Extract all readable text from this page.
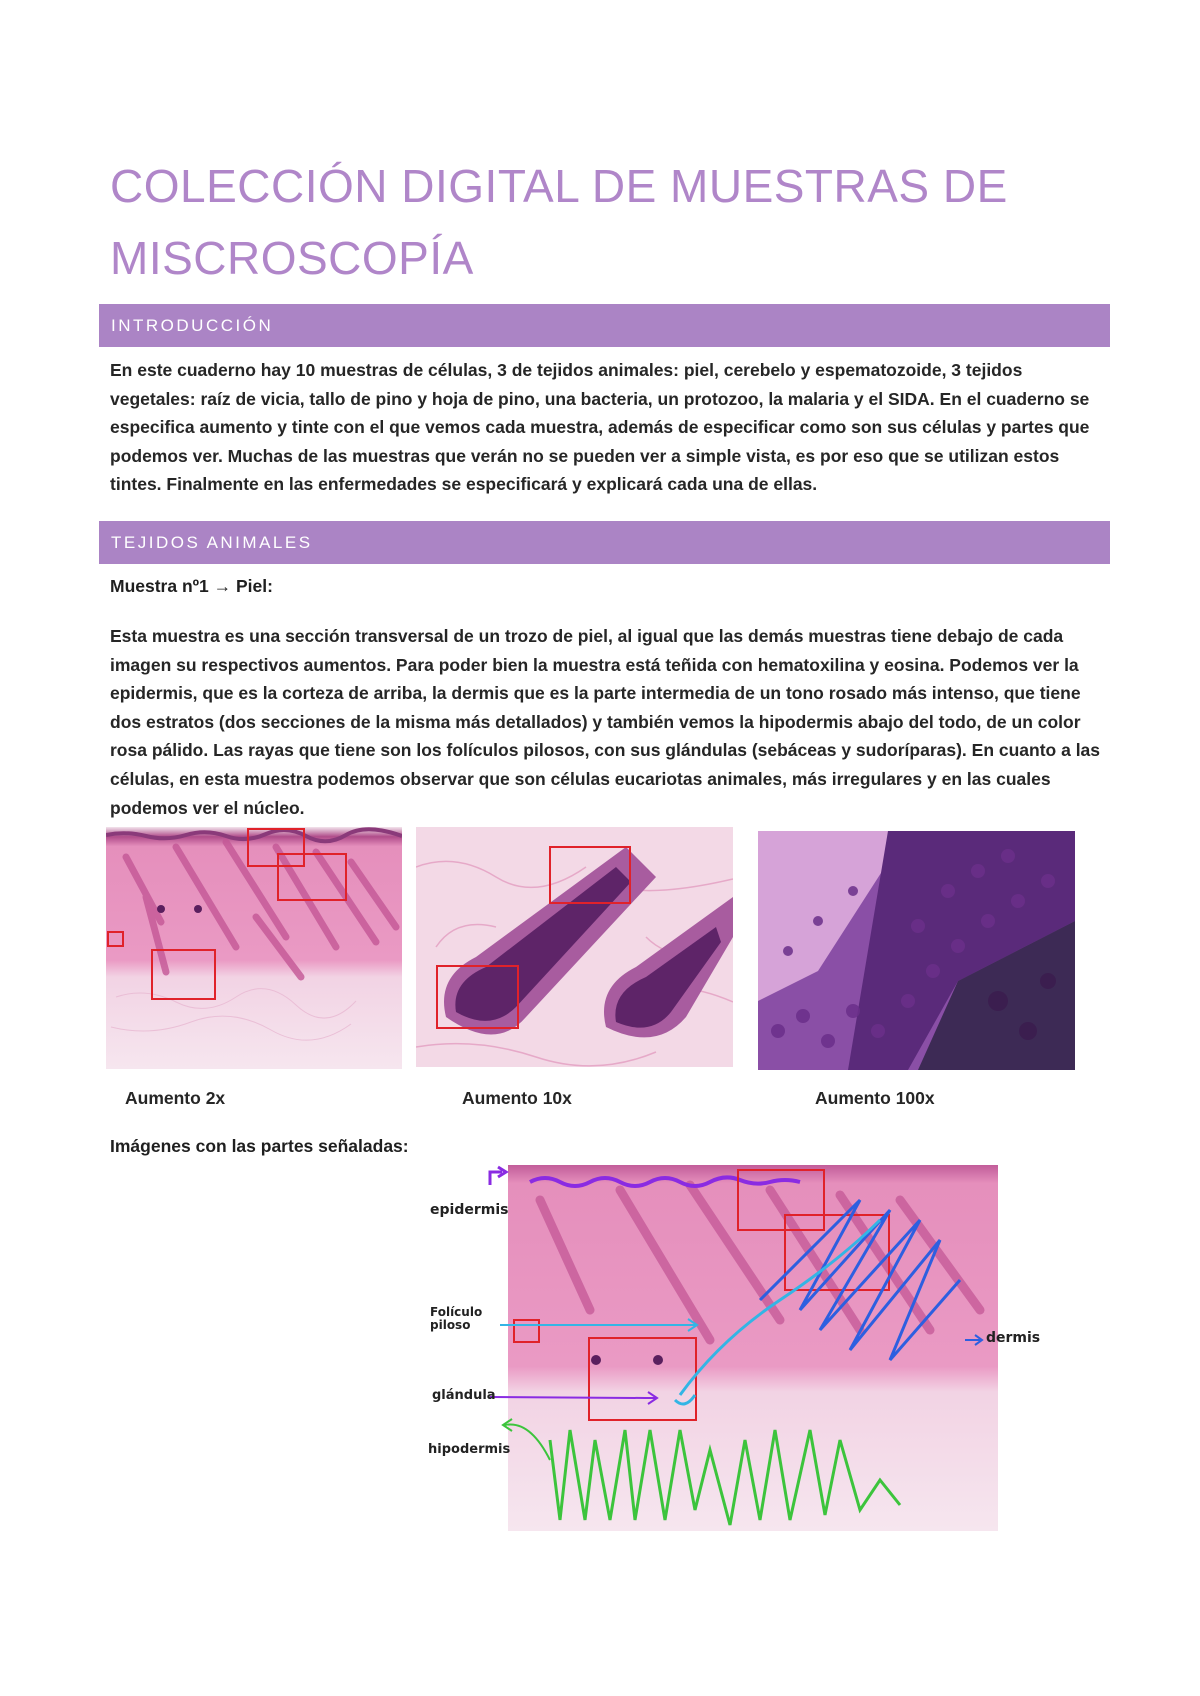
COLECCIÓN DIGITAL DE MUESTRAS DE
MISCROSCOPÍA
INTRODUCCIÓN

En este cuaderno hay 10 muestras de células, 3 de tejidos animales: piel, cerebelo y espematozoide, 3 tejidos
vegetales: raíz de vicia, tallo de pino y hoja de pino, una bacteria, un protozoo, la malaria y el SIDA. En el cuaderno se
especifica aumento y tinte con el que vemos cada muestra, además de especificar como son sus células y partes que
podemos ver. Muchas de las muestras que verán no se pueden ver a simple vista, es por eso que se utilizan estos
tintes. Finalmente en las enfermedades se especificará y explicará cada una de ellas.

TEJIDOS ANIMALES
Muestra nº1 → Piel:

Esta muestra es una sección transversal de un trozo de piel, al igual que las demás muestras tiene debajo de cada
imagen su respectivos aumentos. Para poder bien la muestra está teñida con hematoxilina y eosina. Podemos ver la
epidermis, que es la corteza de arriba, la dermis que es la parte intermedia de un tono rosado más intenso, que tiene
dos estratos (dos secciones de la misma más detallados) y también vemos la hipodermis abajo del todo, de un color
rosa pálido. Las rayas que tiene son los folículos pilosos, con sus glándulas (sebáceas y sudoríparas). En cuanto a las
células, en esta muestra podemos observar que son células eucariotas animales, más irregulares y en las cuales
podemos ver el núcleo.

Aumento 2x	Aumento 10x	Aumento 100x
Imágenes con las partes señaladas:
epidermis
Folículo
piloso
glándula
hipodermis
dermis
